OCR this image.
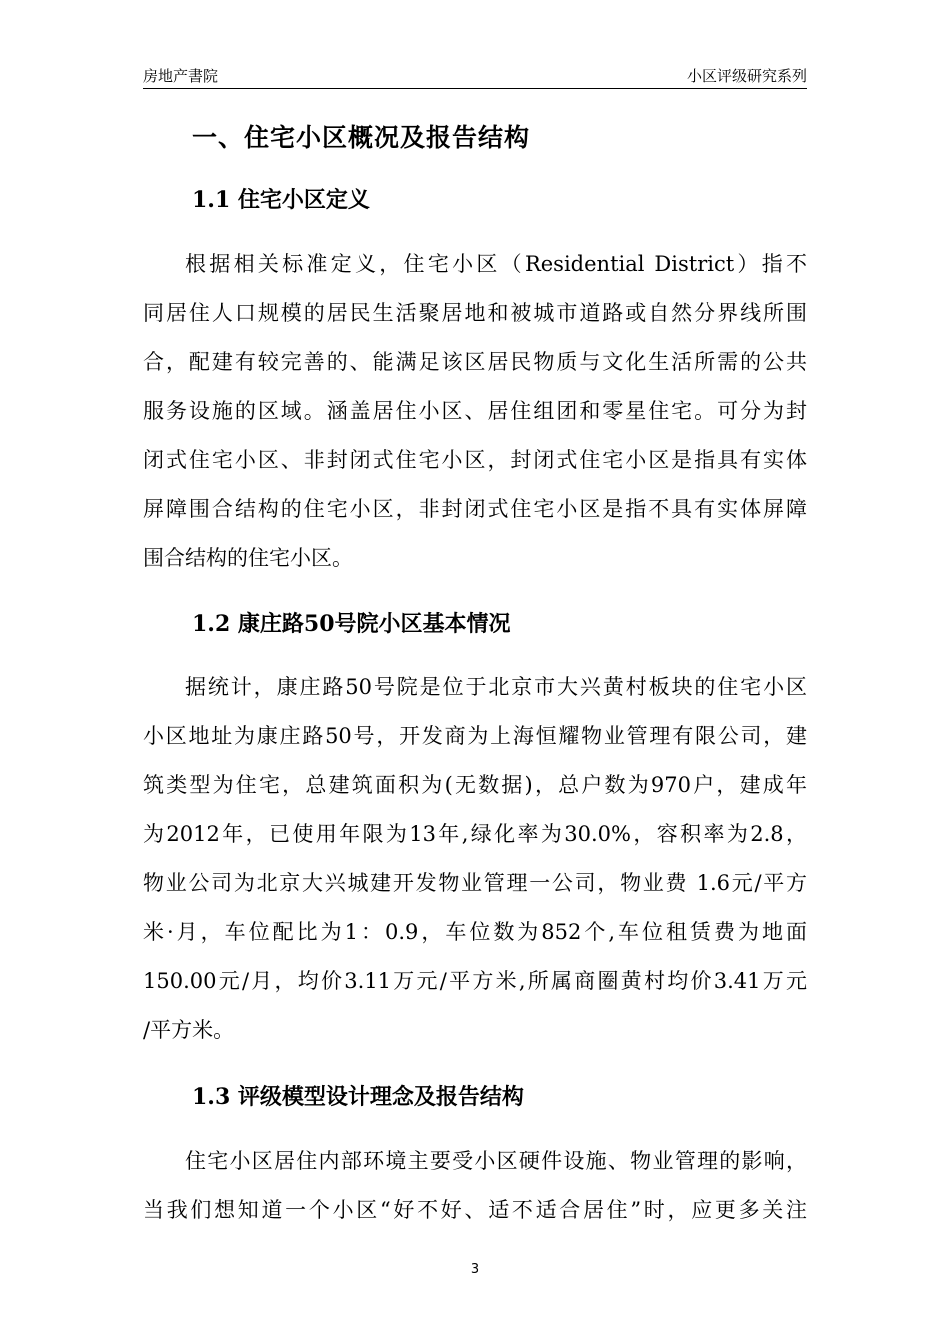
房地产書院	小区评级研究系列
一、住宅小区概况及报告结构
1.1 住宅小区定义
根据相关标准定义，住宅小区（Residential District）指不
同居住人口规模的居民生活聚居地和被城市道路或自然分界线所围
合，配建有较完善的、能满足该区居民物质与文化生活所需的公共
服务设施的区域。涵盖居住小区、居住组团和零星住宅。可分为封
闭式住宅小区、非封闭式住宅小区，封闭式住宅小区是指具有实体
屏障围合结构的住宅小区，非封闭式住宅小区是指不具有实体屏障
围合结构的住宅小区。
1.2 康庄路50号院小区基本情况
据统计，康庄路50号院是位于北京市大兴黄村板块的住宅小区
小区地址为康庄路50号，开发商为上海恒耀物业管理有限公司，建
筑类型为住宅，总建筑面积为(无数据)，总户数为970户，建成年
为2012年，已使用年限为13年,绿化率为30.0%，容积率为2.8，
物业公司为北京大兴城建开发物业管理一公司，物业费 1.6元/平方
米·月，车位配比为1：0.9，车位数为852个,车位租赁费为地面
150.00元/月，均价3.11万元/平方米,所属商圈黄村均价3.41万元
/平方米。
1.3 评级模型设计理念及报告结构
住宅小区居住内部环境主要受小区硬件设施、物业管理的影响，
当我们想知道一个小区“好不好、适不适合居住”时，应更多关注
3
